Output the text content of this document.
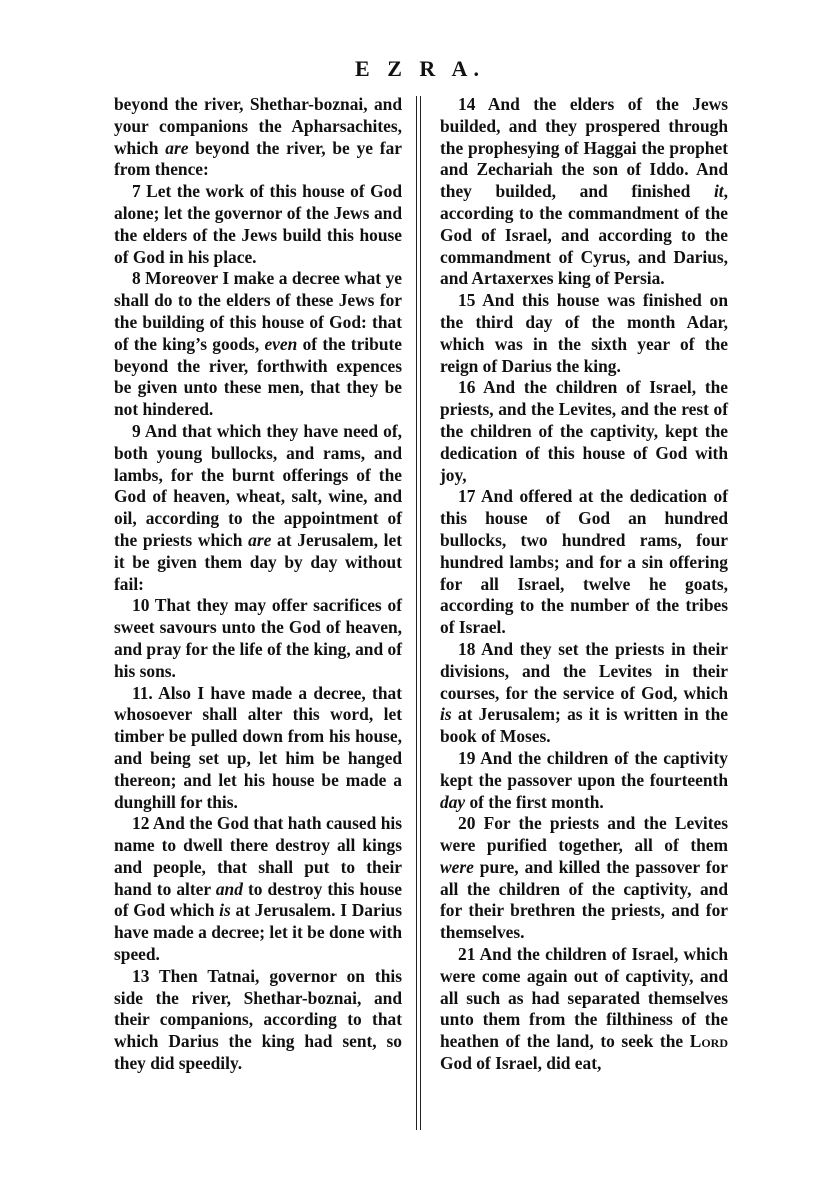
E Z R A.

beyond the river, Shethar-boznai, and your companions the Apharsachites, which are beyond the river, be ye far from thence:

7 Let the work of this house of God alone; let the governor of the Jews and the elders of the Jews build this house of God in his place.

8 Moreover I make a decree what ye shall do to the elders of these Jews for the building of this house of God: that of the king’s goods, even of the tribute beyond the river, forthwith expences be given unto these men, that they be not hindered.

9 And that which they have need of, both young bullocks, and rams, and lambs, for the burnt offerings of the God of heaven, wheat, salt, wine, and oil, according to the appointment of the priests which are at Jerusalem, let it be given them day by day without fail:

10 That they may offer sacrifices of sweet savours unto the God of heaven, and pray for the life of the king, and of his sons.

11. Also I have made a decree, that whosoever shall alter this word, let timber be pulled down from his house, and being set up, let him be hanged thereon; and let his house be made a dunghill for this.

12 And the God that hath caused his name to dwell there destroy all kings and people, that shall put to their hand to alter and to destroy this house of God which is at Jerusalem. I Darius have made a decree; let it be done with speed.

13 Then Tatnai, governor on this side the river, Shethar-boznai, and their companions, according to that which Darius the king had sent, so they did speedily.

14 And the elders of the Jews builded, and they prospered through the prophesying of Haggai the prophet and Zechariah the son of Iddo. And they builded, and finished it, according to the commandment of the God of Israel, and according to the commandment of Cyrus, and Darius, and Artaxerxes king of Persia.

15 And this house was finished on the third day of the month Adar, which was in the sixth year of the reign of Darius the king.

16 And the children of Israel, the priests, and the Levites, and the rest of the children of the captivity, kept the dedication of this house of God with joy,

17 And offered at the dedication of this house of God an hundred bullocks, two hundred rams, four hundred lambs; and for a sin offering for all Israel, twelve he goats, according to the number of the tribes of Israel.

18 And they set the priests in their divisions, and the Levites in their courses, for the service of God, which is at Jerusalem; as it is written in the book of Moses.

19 And the children of the captivity kept the passover upon the fourteenth day of the first month.

20 For the priests and the Levites were purified together, all of them were pure, and killed the passover for all the children of the captivity, and for their brethren the priests, and for themselves.

21 And the children of Israel, which were come again out of captivity, and all such as had separated themselves unto them from the filthiness of the heathen of the land, to seek the Lord God of Israel, did eat,
